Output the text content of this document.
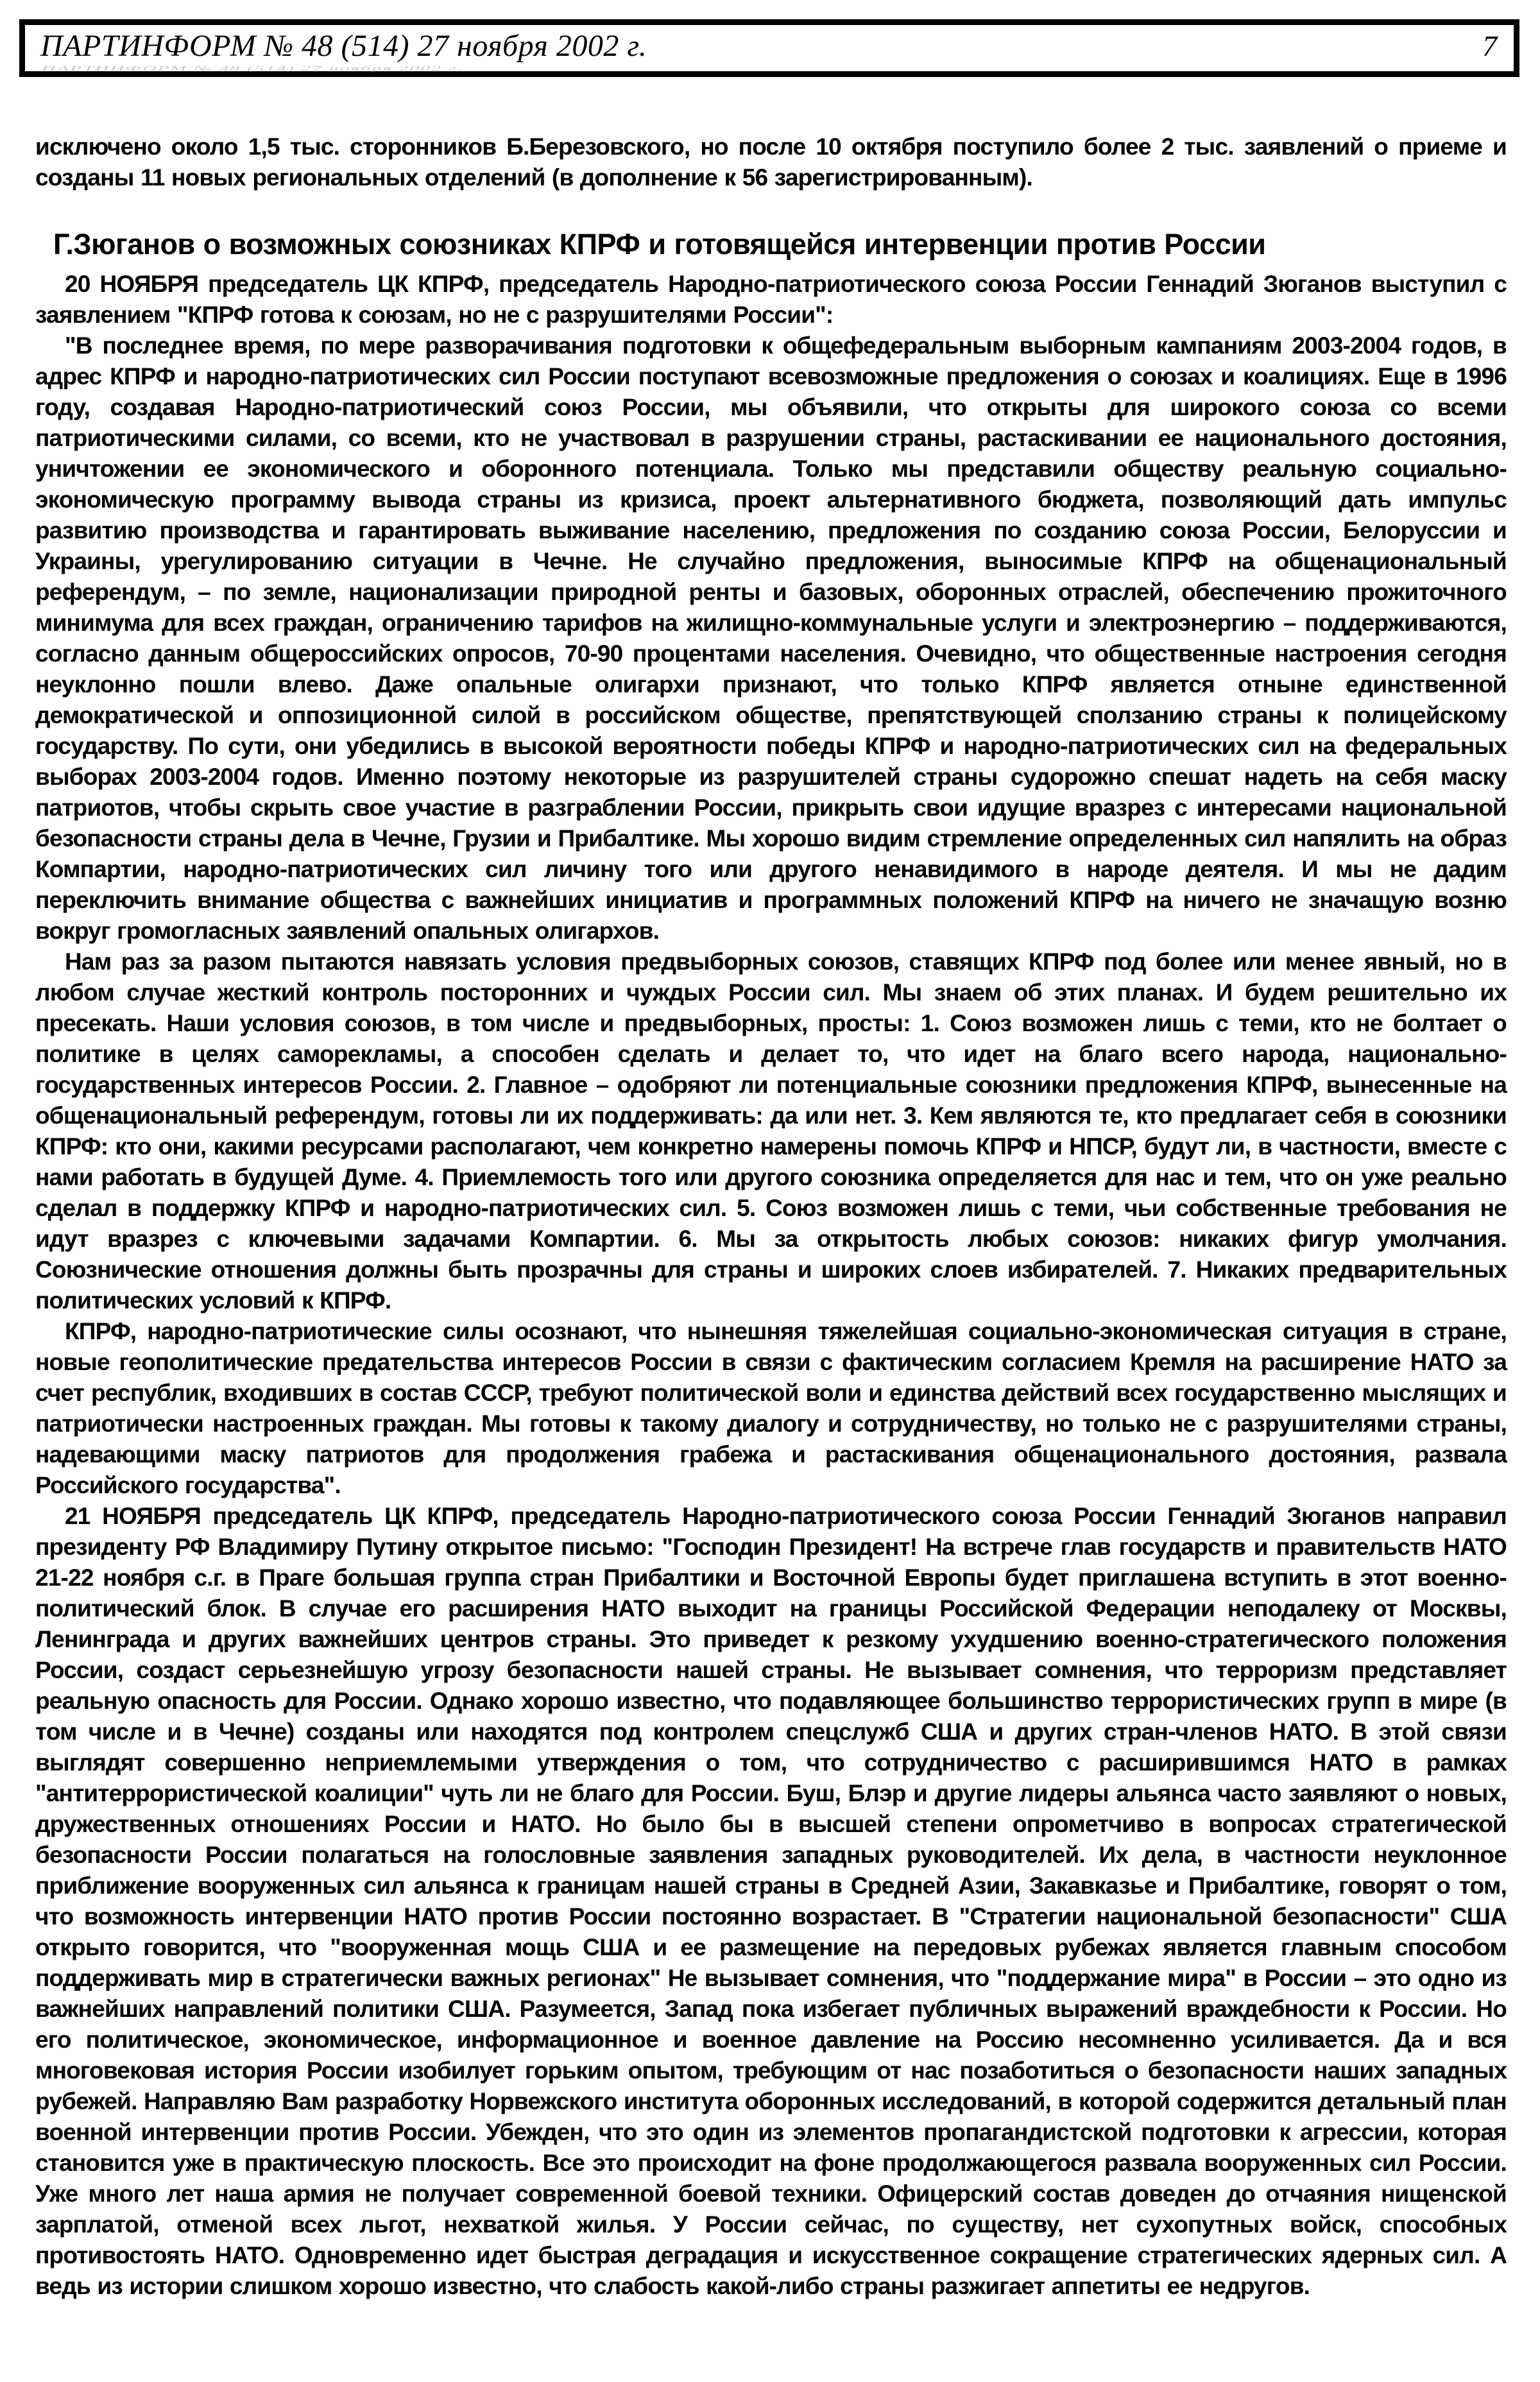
ПАРТИНФОРМ № 48 (514) 27 ноября 2002 г.	7
ПАРТИНФОРМ № 48 (514) 27 ноября 2002 г.

исключено около 1,5 тыс. сторонников Б.Березовского, но после 10 октября поступило более 2 тыс. заявлений о приеме и созданы 11 новых региональных отделений (в дополнение к 56 зарегистрированным).

Г.Зюганов о возможных союзниках КПРФ и готовящейся интервенции против России

20 НОЯБРЯ председатель ЦК КПРФ, председатель Народно-патриотического союза России Геннадий Зюганов выступил с заявлением "КПРФ готова к союзам, но не с разрушителями России":

"В последнее время, по мере разворачивания подготовки к общефедеральным выборным кампаниям 2003-2004 годов, в адрес КПРФ и народно-патриотических сил России поступают всевозможные предложения о союзах и коалициях. Еще в 1996 году, создавая Народно-патриотический союз России, мы объявили, что открыты для широкого союза со всеми патриотическими силами, со всеми, кто не участвовал в разрушении страны, растаскивании ее национального достояния, уничтожении ее экономического и оборонного потенциала. Только мы представили обществу реальную социально-экономическую программу вывода страны из кризиса, проект альтернативного бюджета, позволяющий дать импульс развитию производства и гарантировать выживание населению, предложения по созданию союза России, Белоруссии и Украины, урегулированию ситуации в Чечне. Не случайно предложения, выносимые КПРФ на общенациональный референдум, – по земле, национализации природной ренты и базовых, оборонных отраслей, обеспечению прожиточного минимума для всех граждан, ограничению тарифов на жилищно-коммунальные услуги и электроэнергию – поддерживаются, согласно данным общероссийских опросов, 70-90 процентами населения. Очевидно, что общественные настроения сегодня неуклонно пошли влево. Даже опальные олигархи признают, что только КПРФ является отныне единственной демократической и оппозиционной силой в российском обществе, препятствующей сползанию страны к полицейскому государству. По сути, они убедились в высокой вероятности победы КПРФ и народно-патриотических сил на федеральных выборах 2003-2004 годов. Именно поэтому некоторые из разрушителей страны судорожно спешат надеть на себя маску патриотов, чтобы скрыть свое участие в разграблении России, прикрыть свои идущие вразрез с интересами национальной безопасности страны дела в Чечне, Грузии и Прибалтике. Мы хорошо видим стремление определенных сил напялить на образ Компартии, народно-патриотических сил личину того или другого ненавидимого в народе деятеля. И мы не дадим переключить внимание общества с важнейших инициатив и программных положений КПРФ на ничего не значащую возню вокруг громогласных заявлений опальных олигархов.

Нам раз за разом пытаются навязать условия предвыборных союзов, ставящих КПРФ под более или менее явный, но в любом случае жесткий контроль посторонних и чуждых России сил. Мы знаем об этих планах. И будем решительно их пресекать. Наши условия союзов, в том числе и предвыборных, просты: 1. Союз возможен лишь с теми, кто не болтает о политике в целях саморекламы, а способен сделать и делает то, что идет на благо всего народа, национально-государственных интересов России. 2. Главное – одобряют ли потенциальные союзники предложения КПРФ, вынесенные на общенациональный референдум, готовы ли их поддерживать: да или нет. 3. Кем являются те, кто предлагает себя в союзники КПРФ: кто они, какими ресурсами располагают, чем конкретно намерены помочь КПРФ и НПСР, будут ли, в частности, вместе с нами работать в будущей Думе. 4. Приемлемость того или другого союзника определяется для нас и тем, что он уже реально сделал в поддержку КПРФ и народно-патриотических сил. 5. Союз возможен лишь с теми, чьи собственные требования не идут вразрез с ключевыми задачами Компартии. 6. Мы за открытость любых союзов: никаких фигур умолчания. Союзнические отношения должны быть прозрачны для страны и широких слоев избирателей. 7. Никаких предварительных политических условий к КПРФ.

КПРФ, народно-патриотические силы осознают, что нынешняя тяжелейшая социально-экономическая ситуация в стране, новые геополитические предательства интересов России в связи с фактическим согласием Кремля на расширение НАТО за счет республик, входивших в состав СССР, требуют политической воли и единства действий всех государственно мыслящих и патриотически настроенных граждан. Мы готовы к такому диалогу и сотрудничеству, но только не с разрушителями страны, надевающими маску патриотов для продолжения грабежа и растаскивания общенационального достояния, развала Российского государства".

21 НОЯБРЯ председатель ЦК КПРФ, председатель Народно-патриотического союза России Геннадий Зюганов направил президенту РФ Владимиру Путину открытое письмо: "Господин Президент! На встрече глав государств и правительств НАТО 21-22 ноября с.г. в Праге большая группа стран Прибалтики и Восточной Европы будет приглашена вступить в этот военно-политический блок. В случае его расширения НАТО выходит на границы Российской Федерации неподалеку от Москвы, Ленинграда и других важнейших центров страны. Это приведет к резкому ухудшению военно-стратегического положения России, создаст серьезнейшую угрозу безопасности нашей страны. Не вызывает сомнения, что терроризм представляет реальную опасность для России. Однако хорошо известно, что подавляющее большинство террористических групп в мире (в том числе и в Чечне) созданы или находятся под контролем спецслужб США и других стран-членов НАТО. В этой связи выглядят совершенно неприемлемыми утверждения о том, что сотрудничество с расширившимся НАТО в рамках "антитеррористической коалиции" чуть ли не благо для России. Буш, Блэр и другие лидеры альянса часто заявляют о новых, дружественных отношениях России и НАТО. Но было бы в высшей степени опрометчиво в вопросах стратегической безопасности России полагаться на голословные заявления западных руководителей. Их дела, в частности неуклонное приближение вооруженных сил альянса к границам нашей страны в Средней Азии, Закавказье и Прибалтике, говорят о том, что возможность интервенции НАТО против России постоянно возрастает. В "Стратегии национальной безопасности" США открыто говорится, что "вооруженная мощь США и ее размещение на передовых рубежах является главным способом поддерживать мир в стратегически важных регионах" Не вызывает сомнения, что "поддержание мира" в России – это одно из важнейших направлений политики США. Разумеется, Запад пока избегает публичных выражений враждебности к России. Но его политическое, экономическое, информационное и военное давление на Россию несомненно усиливается. Да и вся многовековая история России изобилует горьким опытом, требующим от нас позаботиться о безопасности наших западных рубежей. Направляю Вам разработку Норвежского института оборонных исследований, в которой содержится детальный план военной интервенции против России. Убежден, что это один из элементов пропагандистской подготовки к агрессии, которая становится уже в практическую плоскость. Все это происходит на фоне продолжающегося развала вооруженных сил России. Уже много лет наша армия не получает современной боевой техники. Офицерский состав доведен до отчаяния нищенской зарплатой, отменой всех льгот, нехваткой жилья. У России сейчас, по существу, нет сухопутных войск, способных противостоять НАТО. Одновременно идет быстрая деградация и искусственное сокращение стратегических ядерных сил. А ведь из истории слишком хорошо известно, что слабость какой-либо страны разжигает аппетиты ее недругов.
